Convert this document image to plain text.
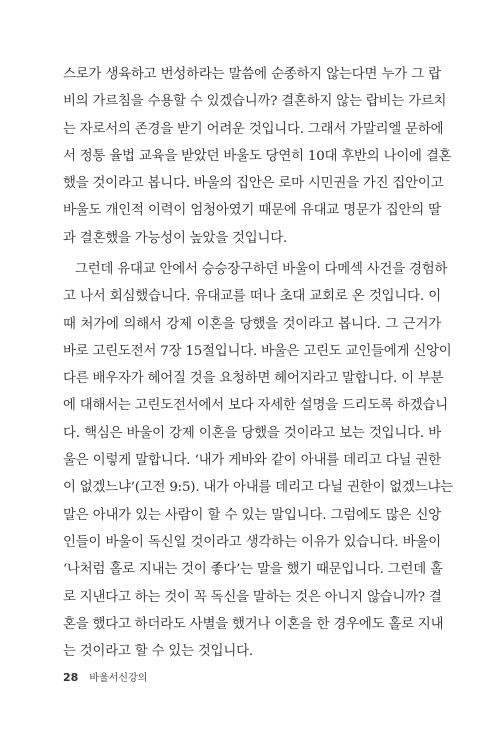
스로가 생육하고 번성하라는 말씀에 순종하지 않는다면 누가 그 랍
비의 가르침을 수용할 수 있겠습니까? 결혼하지 않는 랍비는 가르치
는 자로서의 존경을 받기 어려운 것입니다. 그래서 가말리엘 문하에
서 정통 율법 교육을 받았던 바울도 당연히 10대 후반의 나이에 결혼
했을 것이라고 봅니다. 바울의 집안은 로마 시민권을 가진 집안이고
바울도 개인적 이력이 엄청아였기 때문에 유대교 명문가 집안의 딸
과 결혼했을 가능성이 높았을 것입니다.
그런데 유대교 안에서 승승장구하던 바울이 다메섹 사건을 경험하
고 나서 회심했습니다. 유대교를 떠나 초대 교회로 온 것입니다. 이
때 처가에 의해서 강제 이혼을 당했을 것이라고 봅니다. 그 근거가
바로 고린도전서 7장 15절입니다. 바울은 고린도 교인들에게 신앙이
다른 배우자가 헤어질 것을 요청하면 헤어지라고 말합니다. 이 부분
에 대해서는 고린도전서에서 보다 자세한 설명을 드리도록 하겠습니
다. 핵심은 바울이 강제 이혼을 당했을 것이라고 보는 것입니다. 바
울은 이렇게 말합니다. ‘내가 게바와 같이 아내를 데리고 다닐 권한
이 없겠느냐’(고전 9:5). 내가 아내를 데리고 다닐 권한이 없겠느냐는
말은 아내가 있는 사람이 할 수 있는 말입니다. 그럼에도 많은 신앙
인들이 바울이 독신일 것이라고 생각하는 이유가 있습니다. 바울이
‘나처럼 홀로 지내는 것이 좋다’는 말을 했기 때문입니다. 그런데 홀
로 지낸다고 하는 것이 꼭 독신을 말하는 것은 아니지 않습니까? 결
혼을 했다고 하더라도 사별을 했거나 이혼을 한 경우에도 홀로 지내
는 것이라고 할 수 있는 것입니다.
28 바울서신강의
